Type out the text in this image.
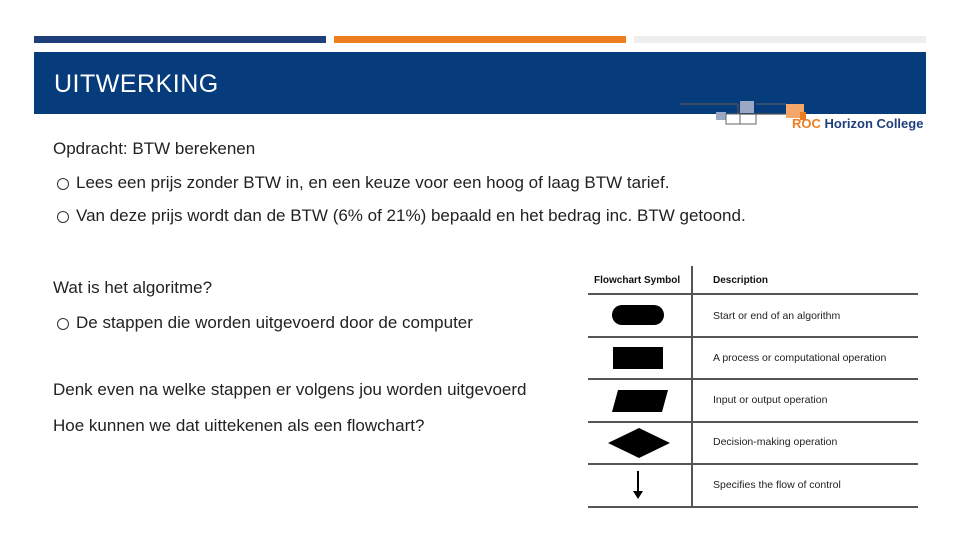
UITWERKING
ROC Horizon College
Opdracht: BTW berekenen
Lees een prijs zonder BTW in, en een keuze voor een hoog of laag BTW tarief.
Van deze prijs wordt dan de BTW (6% of 21%) bepaald en het bedrag inc. BTW getoond.
Wat is het algoritme?
De stappen die worden uitgevoerd door de computer
Denk even na welke stappen er volgens jou worden uitgevoerd
Hoe kunnen we dat uittekenen als een flowchart?
Flowchart Symbol	Description
Start or end of an algorithm
A process or computational operation
Input or output operation
Decision-making operation
Specifies the flow of control
